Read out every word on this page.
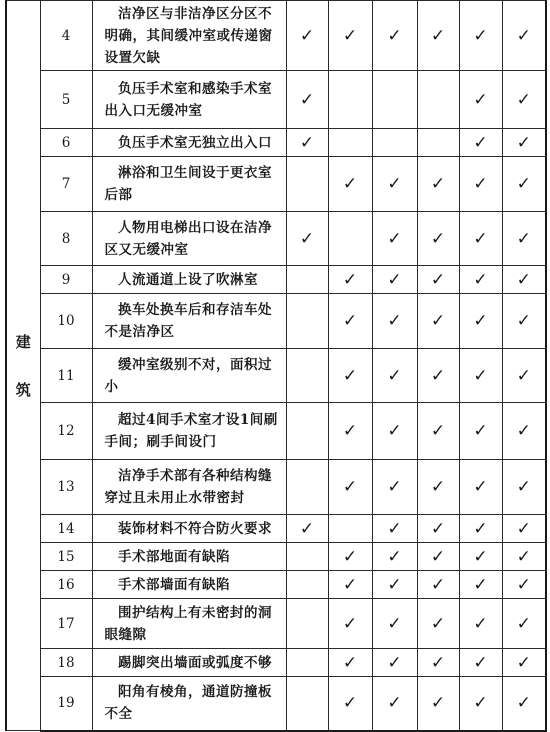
建
筑	4	洁净区与非洁净区分区不明确，其间缓冲室或传递窗设置欠缺	✓	✓	✓	✓	✓	✓
	5	负压手术室和感染手术室出入口无缓冲室	✓				✓	✓
	6	负压手术室无独立出入口	✓				✓	✓
	7	淋浴和卫生间设于更衣室后部		✓	✓	✓	✓	✓
	8	人物用电梯出口设在洁净区又无缓冲室	✓		✓	✓	✓	✓
	9	人流通道上设了吹淋室		✓	✓	✓	✓	✓
	10	换车处换车后和存洁车处不是洁净区		✓	✓	✓	✓	✓
	11	缓冲室级别不对，面积过小		✓	✓	✓	✓	✓
	12	超过4间手术室才设1间刷手间；刷手间设门		✓	✓	✓	✓	✓
	13	洁净手术部有各种结构缝穿过且未用止水带密封		✓	✓	✓	✓	✓
	14	装饰材料不符合防火要求	✓		✓	✓	✓	✓
	15	手术部地面有缺陷		✓	✓	✓	✓	✓
	16	手术部墙面有缺陷		✓	✓	✓	✓	✓
	17	围护结构上有未密封的洞眼缝隙		✓	✓	✓	✓	✓
	18	踢脚突出墙面或弧度不够		✓	✓	✓	✓	✓
	19	阳角有棱角，通道防撞板不全		✓	✓	✓	✓	✓
